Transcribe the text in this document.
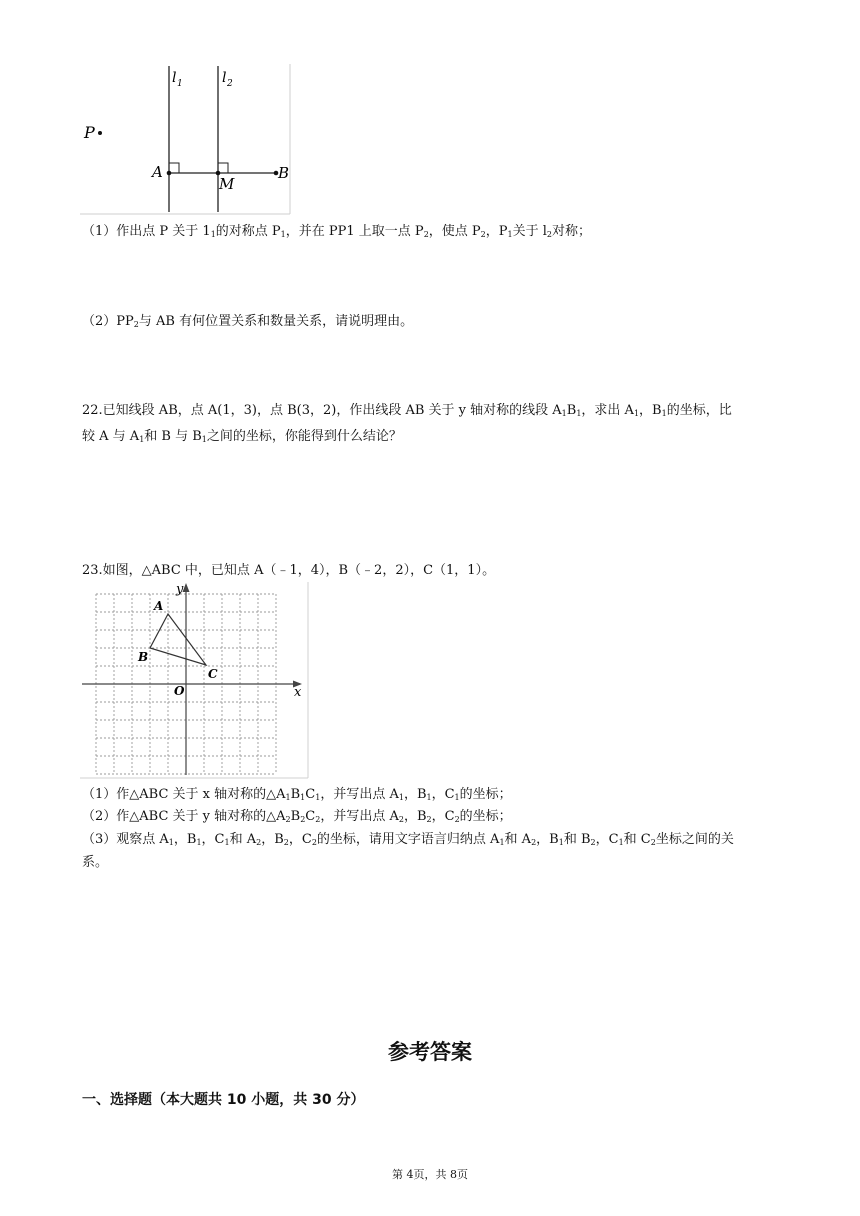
l 1	l 2
P
A
M
B
（1）作出点 P 关于 $1_1$的对称点 $P_1$，并在 PP1 上取一点 $P_2$，使点 $P_2$，$P_1$关于 $l_2$对称；
$(2)PP_2$与 AB 有何位置关系和数量关系，请说明理由。
22.已知线段 AB，点 A(1，3)，点 B(3，2)，作出线段 AB 关于 y 轴对称的线段 $A_1B_1$，求出 $A_1$，$B_1$的坐标，比
较 A 与 $A_1$和 B 与 $B_1$之间的坐标，你能得到什么结论？
23.如图，△ABC 中，已知点 A（﹣1，4），B（﹣2，2），C（1，1）。
y
x
O
A
B
C
（1）作△ABC 关于 x 轴对称的$\triangle A_1B_1C_1$，并写出点 $A_1$，$B_1$，$C_1$的坐标；
（2）作△ABC 关于 y 轴对称的$\triangle A_2B_2C_2$，并写出点 $A_2$，$B_2$，$C_2$的坐标；
（3）观察点 $A_1$，$B_1$，$C_1$和 $A_2$，$B_2$，$C_2$的坐标，请用文字语言归纳点 $A_1$和 $A_2$，$B_1$和 $B_2$，$C_1$和 $C_2$坐标之间的关
系。
参考答案
一、选择题（本大题共 10 小题，共 30 分）
第 4页，共 8页
